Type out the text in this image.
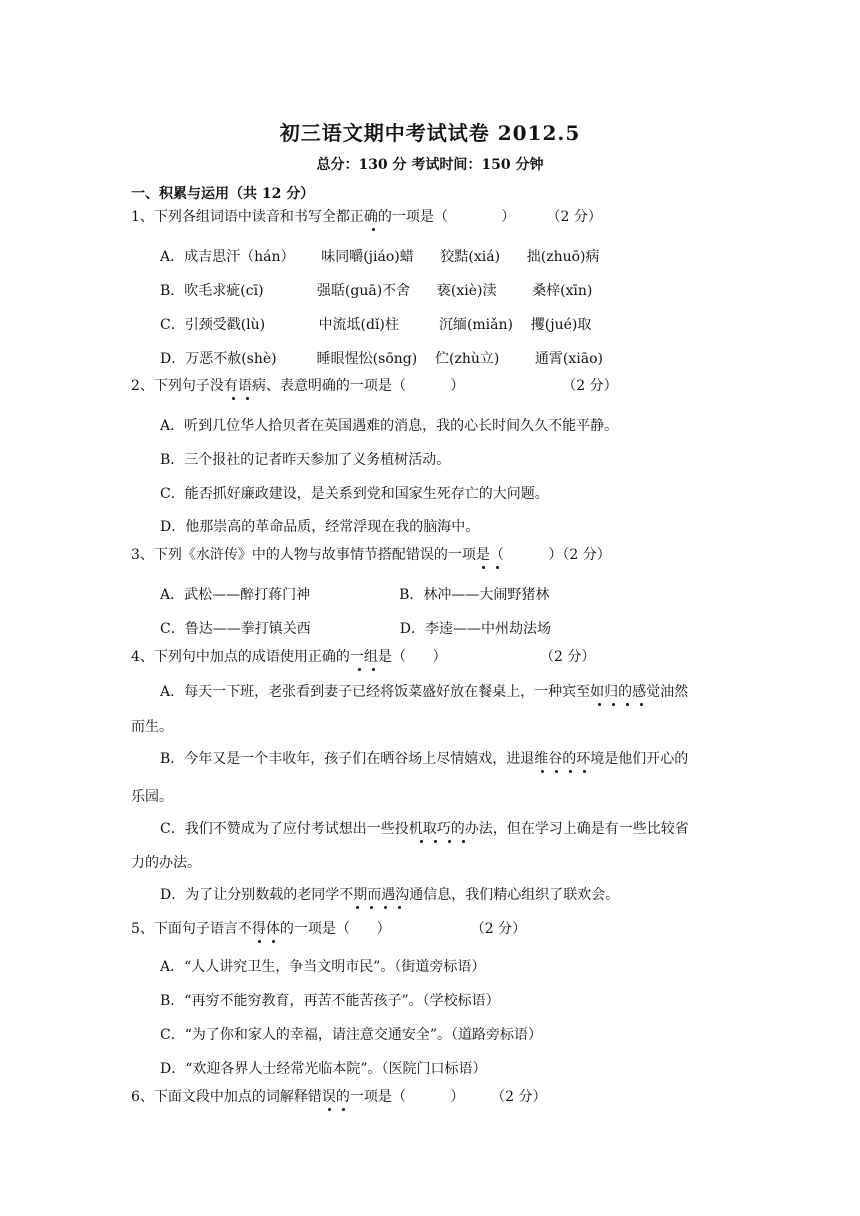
初三语文期中考试试卷 2012.5
总分：130 分 考试时间：150 分钟
一、积累与运用（共 12 分）
1、下列各组词语中读音和书写全都正确的一项是（            ）       （2 分）
A．成吉思汗（hán）      味同嚼(jiáo)蜡      狡黠(xiá)      拙(zhuō)病
B．吹毛求疵(cī)            强聒(guā)不舍      亵(xiè)渎        桑梓(xīn)
C．引颈受戳(lù)            中流坻(dǐ)柱         沉缅(miǎn)    攫(jué)取
D．万恶不赦(shè)         睡眼惺忪(sōng)    伫(zhù立)        通霄(xiāo)
2、下列句子没有语病、表意明确的一项是（          ）                      （2 分）
A．听到几位华人拾贝者在英国遇难的消息，我的心长时间久久不能平静。
B．三个报社的记者昨天参加了义务植树活动。
C．能否抓好廉政建设，是关系到党和国家生死存亡的大问题。
D．他那崇高的革命品质，经常浮现在我的脑海中。
3、下列《水浒传》中的人物与故事情节搭配错误的一项是（          ）（2 分）
A．武松——醉打蒋门神                    B．林冲——大闹野猪林
C．鲁达——拳打镇关西                    D．李逵——中州劫法场
4、下列句中加点的成语使用正确的一组是（      ）                     （2 分）
A．每天一下班，老张看到妻子已经将饭菜盛好放在餐桌上，一种宾至如归的感觉油然
而生。
B．今年又是一个丰收年，孩子们在晒谷场上尽情嬉戏，进退维谷的环境是他们开心的
乐园。
C．我们不赞成为了应付考试想出一些投机取巧的办法，但在学习上确是有一些比较省
力的办法。
D．为了让分别数载的老同学不期而遇沟通信息，我们精心组织了联欢会。
5、下面句子语言不得体的一项是（      ）                  （2 分）
A．“人人讲究卫生，争当文明市民”。（街道旁标语）
B．“再穷不能穷教育，再苦不能苦孩子”。（学校标语）
C．“为了你和家人的幸福，请注意交通安全”。（道路旁标语）
D．“欢迎各界人士经常光临本院”。（医院门口标语）
6、下面文段中加点的词解释错误的一项是（          ）      （2 分）
